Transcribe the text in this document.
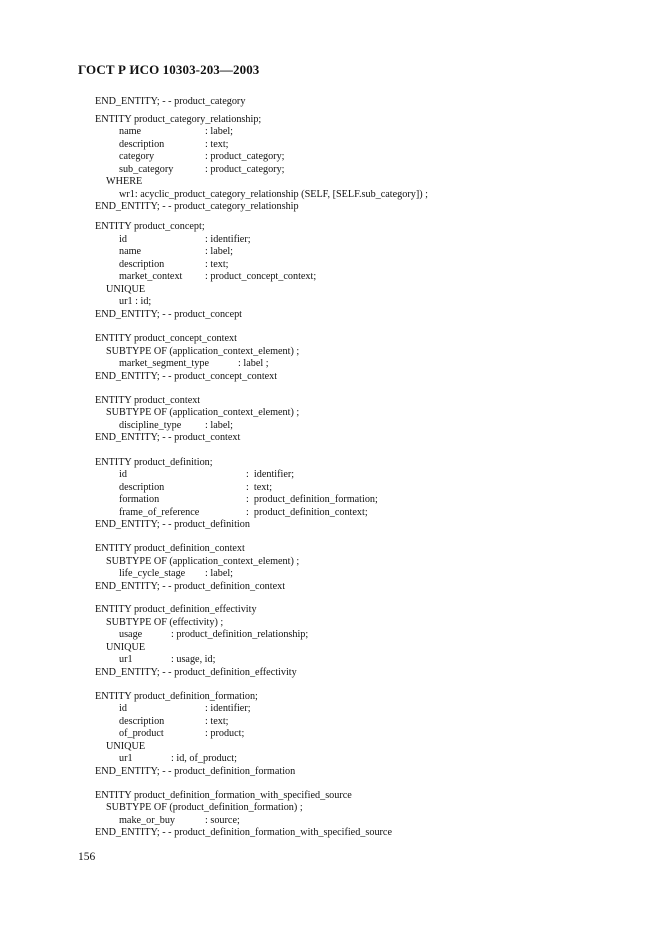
ГОСТ Р ИСО 10303-203—2003
END_ENTITY; - - product_category
ENTITY product_category_relationship;
name	: label;
description	: text;
category	: product_category;
sub_category	: product_category;
WHERE
wr1: acyclic_product_category_relationship (SELF, [SELF.sub_category]) ;
END_ENTITY; - - product_category_relationship
ENTITY product_concept;
id	: identifier;
name	: label;
description	: text;
market_context : product_concept_context;
UNIQUE
ur1 : id;
END_ENTITY; - - product_concept
ENTITY product_concept_context
SUBTYPE OF (application_context_element) ;
market_segment_type	: label ;
END_ENTITY; - - product_concept_context
ENTITY product_context
SUBTYPE OF (application_context_element) ;
discipline_type : label;
END_ENTITY; - - product_context
ENTITY product_definition;
id	:  identifier;
description	:  text;
formation	:  product_definition_formation;
frame_of_reference	:  product_definition_context;
END_ENTITY; - - product_definition
ENTITY product_definition_context
SUBTYPE OF (application_context_element) ;
life_cycle_stage : label;
END_ENTITY; - - product_definition_context
ENTITY product_definition_effectivity
SUBTYPE OF (effectivity) ;
usage	: product_definition_relationship;
UNIQUE
ur1	: usage, id;
END_ENTITY; - - product_definition_effectivity
ENTITY product_definition_formation;
id	: identifier;
description	: text;
of_product	: product;
UNIQUE
ur1	: id, of_product;
END_ENTITY; - - product_definition_formation
ENTITY product_definition_formation_with_specified_source
SUBTYPE OF (product_definition_formation) ;
make_or_buy	: source;
END_ENTITY; - - product_definition_formation_with_specified_source
156
